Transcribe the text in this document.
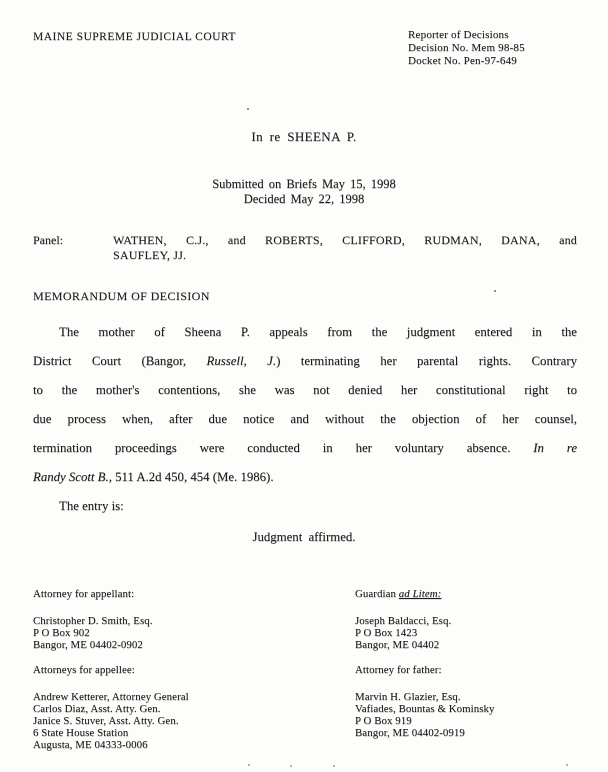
MAINE SUPREME JUDICIAL COURT	Reporter of Decisions
Decision No. Mem 98-85
Docket No. Pen-97-649
In re SHEENA P.
Submitted on Briefs May 15, 1998
Decided May 22, 1998
Panel:	WATHEN, C.J., and ROBERTS, CLIFFORD, RUDMAN, DANA, and
SAUFLEY, JJ.
MEMORANDUM OF DECISION
The mother of Sheena P. appeals from the judgment entered in the
District Court (Bangor, Russell, J.) terminating her parental rights. Contrary
to the mother's contentions, she was not denied her constitutional right to
due process when, after due notice and without the objection of her counsel,
termination proceedings were conducted in her voluntary absence. In re
Randy Scott B., 511 A.2d 450, 454 (Me. 1986).
The entry is:
Judgment affirmed.
Attorney for appellant:
Christopher D. Smith, Esq.
P O Box 902
Bangor, ME 04402-0902
Attorneys for appellee:
Andrew Ketterer, Attorney General
Carlos Diaz, Asst. Atty. Gen.
Janice S. Stuver, Asst. Atty. Gen.
6 State House Station
Augusta, ME 04333-0006
Guardian ad Litem:
Joseph Baldacci, Esq.
P O Box 1423
Bangor, ME 04402
Attorney for father:
Marvin H. Glazier, Esq.
Vafiades, Bountas & Kominsky
P O Box 919
Bangor, ME 04402-0919
